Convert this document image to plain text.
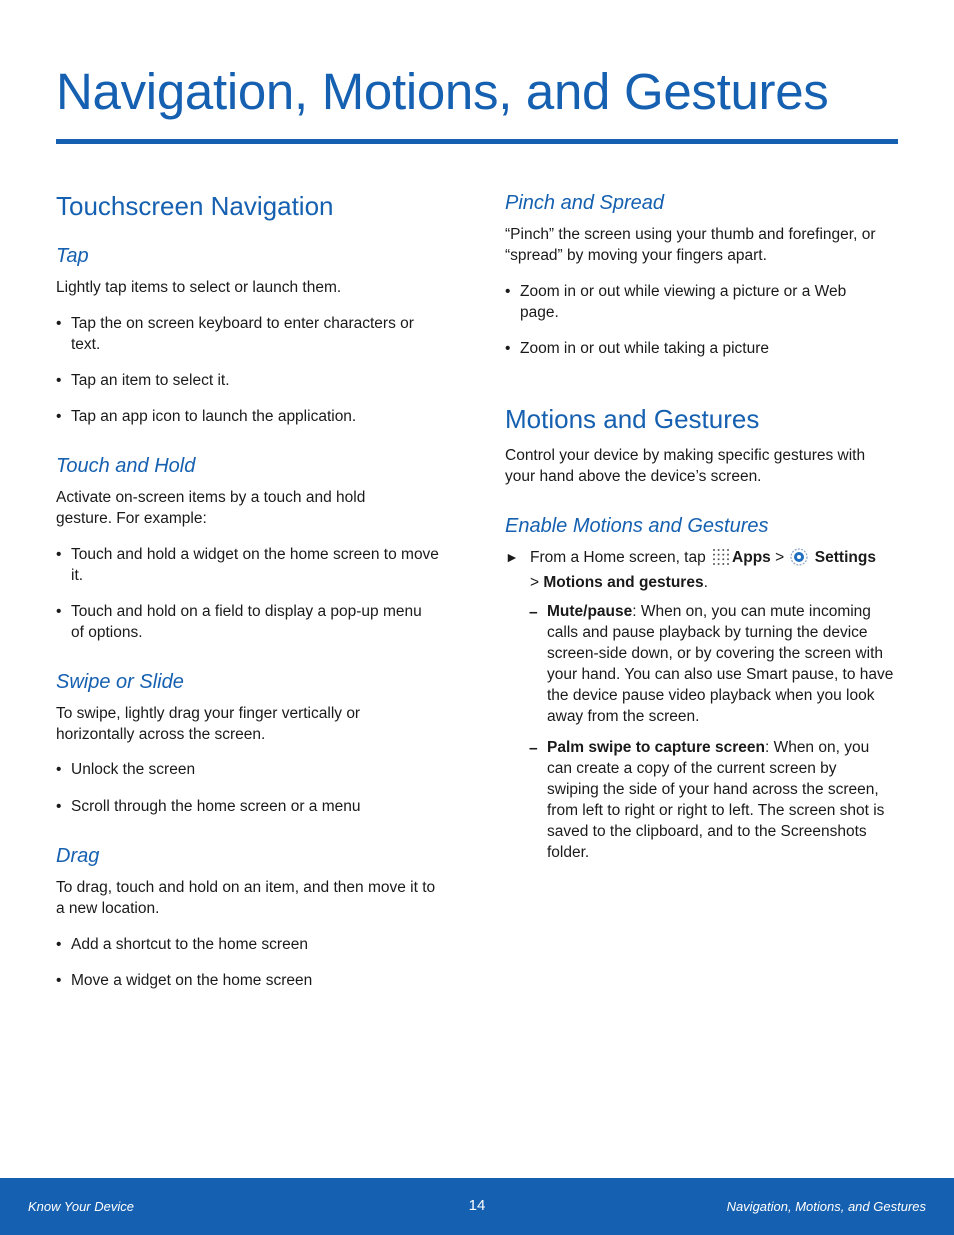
Navigation, Motions, and Gestures
Touchscreen Navigation
Tap

Lightly tap items to select or launch them.

• Tap the on screen keyboard to enter characters or text.
• Tap an item to select it.
• Tap an app icon to launch the application.
Touch and Hold

Activate on-screen items by a touch and hold gesture. For example:

• Touch and hold a widget on the home screen to move it.
• Touch and hold on a field to display a pop-up menu of options.
Swipe or Slide

To swipe, lightly drag your finger vertically or horizontally across the screen.

• Unlock the screen
• Scroll through the home screen or a menu
Drag

To drag, touch and hold on an item, and then move it to a new location.

• Add a shortcut to the home screen
• Move a widget on the home screen
Pinch and Spread

“Pinch” the screen using your thumb and forefinger, or “spread” by moving your fingers apart.

• Zoom in or out while viewing a picture or a Web page.
• Zoom in or out while taking a picture
Motions and Gestures

Control your device by making specific gestures with your hand above the device’s screen.

Enable Motions and Gestures
► From a Home screen, tap Apps > Settings
> Motions and gestures.
– Mute/pause: When on, you can mute incoming calls and pause playback by turning the device screen-side down, or by covering the screen with your hand. You can also use Smart pause, to have the device pause video playback when you look away from the screen.
– Palm swipe to capture screen: When on, you can create a copy of the current screen by swiping the side of your hand across the screen, from left to right or right to left. The screen shot is saved to the clipboard, and to the Screenshots folder.
Know Your Device	14	Navigation, Motions, and Gestures
